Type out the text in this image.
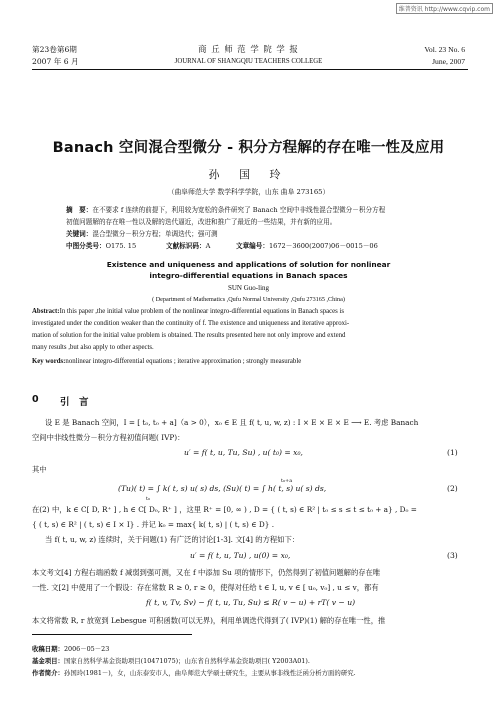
维普资讯 http://www.cqvip.com
第23卷第6期
2007 年 6 月
商 丘 师 范 学 院 学 报
JOURNAL OF SHANGQIU TEACHERS COLLEGE
Vol. 23 No. 6
June, 2007
Banach 空间混合型微分 - 积分方程解的存在唯一性及应用
孙 国 玲
（曲阜师范大学 数学科学学院，山东 曲阜 273165）
摘　要：在不要求 f 连续的前提下，利用较为宽松的条件研究了 Banach 空间中非线性混合型微分－积分方程
初值问题解的存在唯一性以及解的迭代逼近，改进和推广了最近的一些结果，并有新的应用。
关键词：混合型微分－积分方程；单调迭代；强可测
中图分类号：O175. 15	文献标识码：A	文章编号：1672－3600(2007)06－0015－06
Existence and uniqueness and applications of solution for nonlinear
integro-differential equations in Banach spaces
SUN Guo-ling
( Department of Mathematics ,Qufu Normal University ,Qufu 273165 ,China)
Abstract:In this paper ,the initial value problem of the nonlinear integro-differential equations in Banach spaces is
investigated under the condition weaker than the continuity of f. The existence and uniqueness and iterative approxi-
mation of solution for the initial value problem is obtained. The results presented here not only improve and extend
many results ,but also apply to other aspects.
Key words:nonlinear integro-differential equations ; iterative approximation ; strongly measurable
0 引　言
设 E 是 Banach 空间，I = [ t₀, t₀ + a]（a > 0），x₀ ∈ E 且 f( t, u, w, z) : I × E × E × E ⟶ E. 考虑 Banach
空间中非线性微分－积分方程初值问题( IVP)：
u′ = f( t, u, Tu, Su) , u( t₀) = x₀,	(1)
其中
(Tu)( t) = ∫ k( t, s) u( s) ds, (Su)( t) = ∫ h( t, s) u( s) ds,
t₀
t₀+a
(2)
在(2) 中，k ∈ C[ D, R⁺ ] , h ∈ C[ D₀, R⁺ ] ，这里 R⁺ = [0, ∞ ) , D = { ( t, s) ∈ R² | t₀ ≤ s ≤ t ≤ t₀ + a} , D₀ =
{ ( t, s) ∈ R² | ( t, s) ∈ I × I} . 并记 k₀ = max{ k( t, s) | ( t, s) ∈ D} .
当 f( t, u, w, z) 连续时，关于问题(1) 有广泛的讨论[1-3]. 文[4] 的方程如下：
u′ = f( t, u, Tu) , u(0) = x₀,	(3)
本文考文[4] 方程右端函数 f 减弱到强可测，又在 f 中添加 Su 项的情形下，仍然得到了初值问题解的存在唯
一性. 文[2] 中使用了一个假设：存在常数 R ≥ 0, r ≥ 0，使得对任给 t ∈ I, u, v ∈ [ u₀, v₀] , u ≤ v，都有
f( t, v, Tv, Sv) − f( t, u, Tu, Su) ≤ R( v − u) + rT( v − u)
本文将常数 R, r 放宽到 Lebesgue 可积函数(可以无界)，利用单调迭代得到了( IVP)(1) 解的存在唯一性，推
收稿日期：2006－05－23
基金项目：国家自然科学基金资助项目(10471075)；山东省自然科学基金资助项目( Y2003A01).
作者简介：孙国玲(1981－)，女，山东泰安市人，曲阜师范大学硕士研究生，主要从事非线性泛函分析方面的研究.
